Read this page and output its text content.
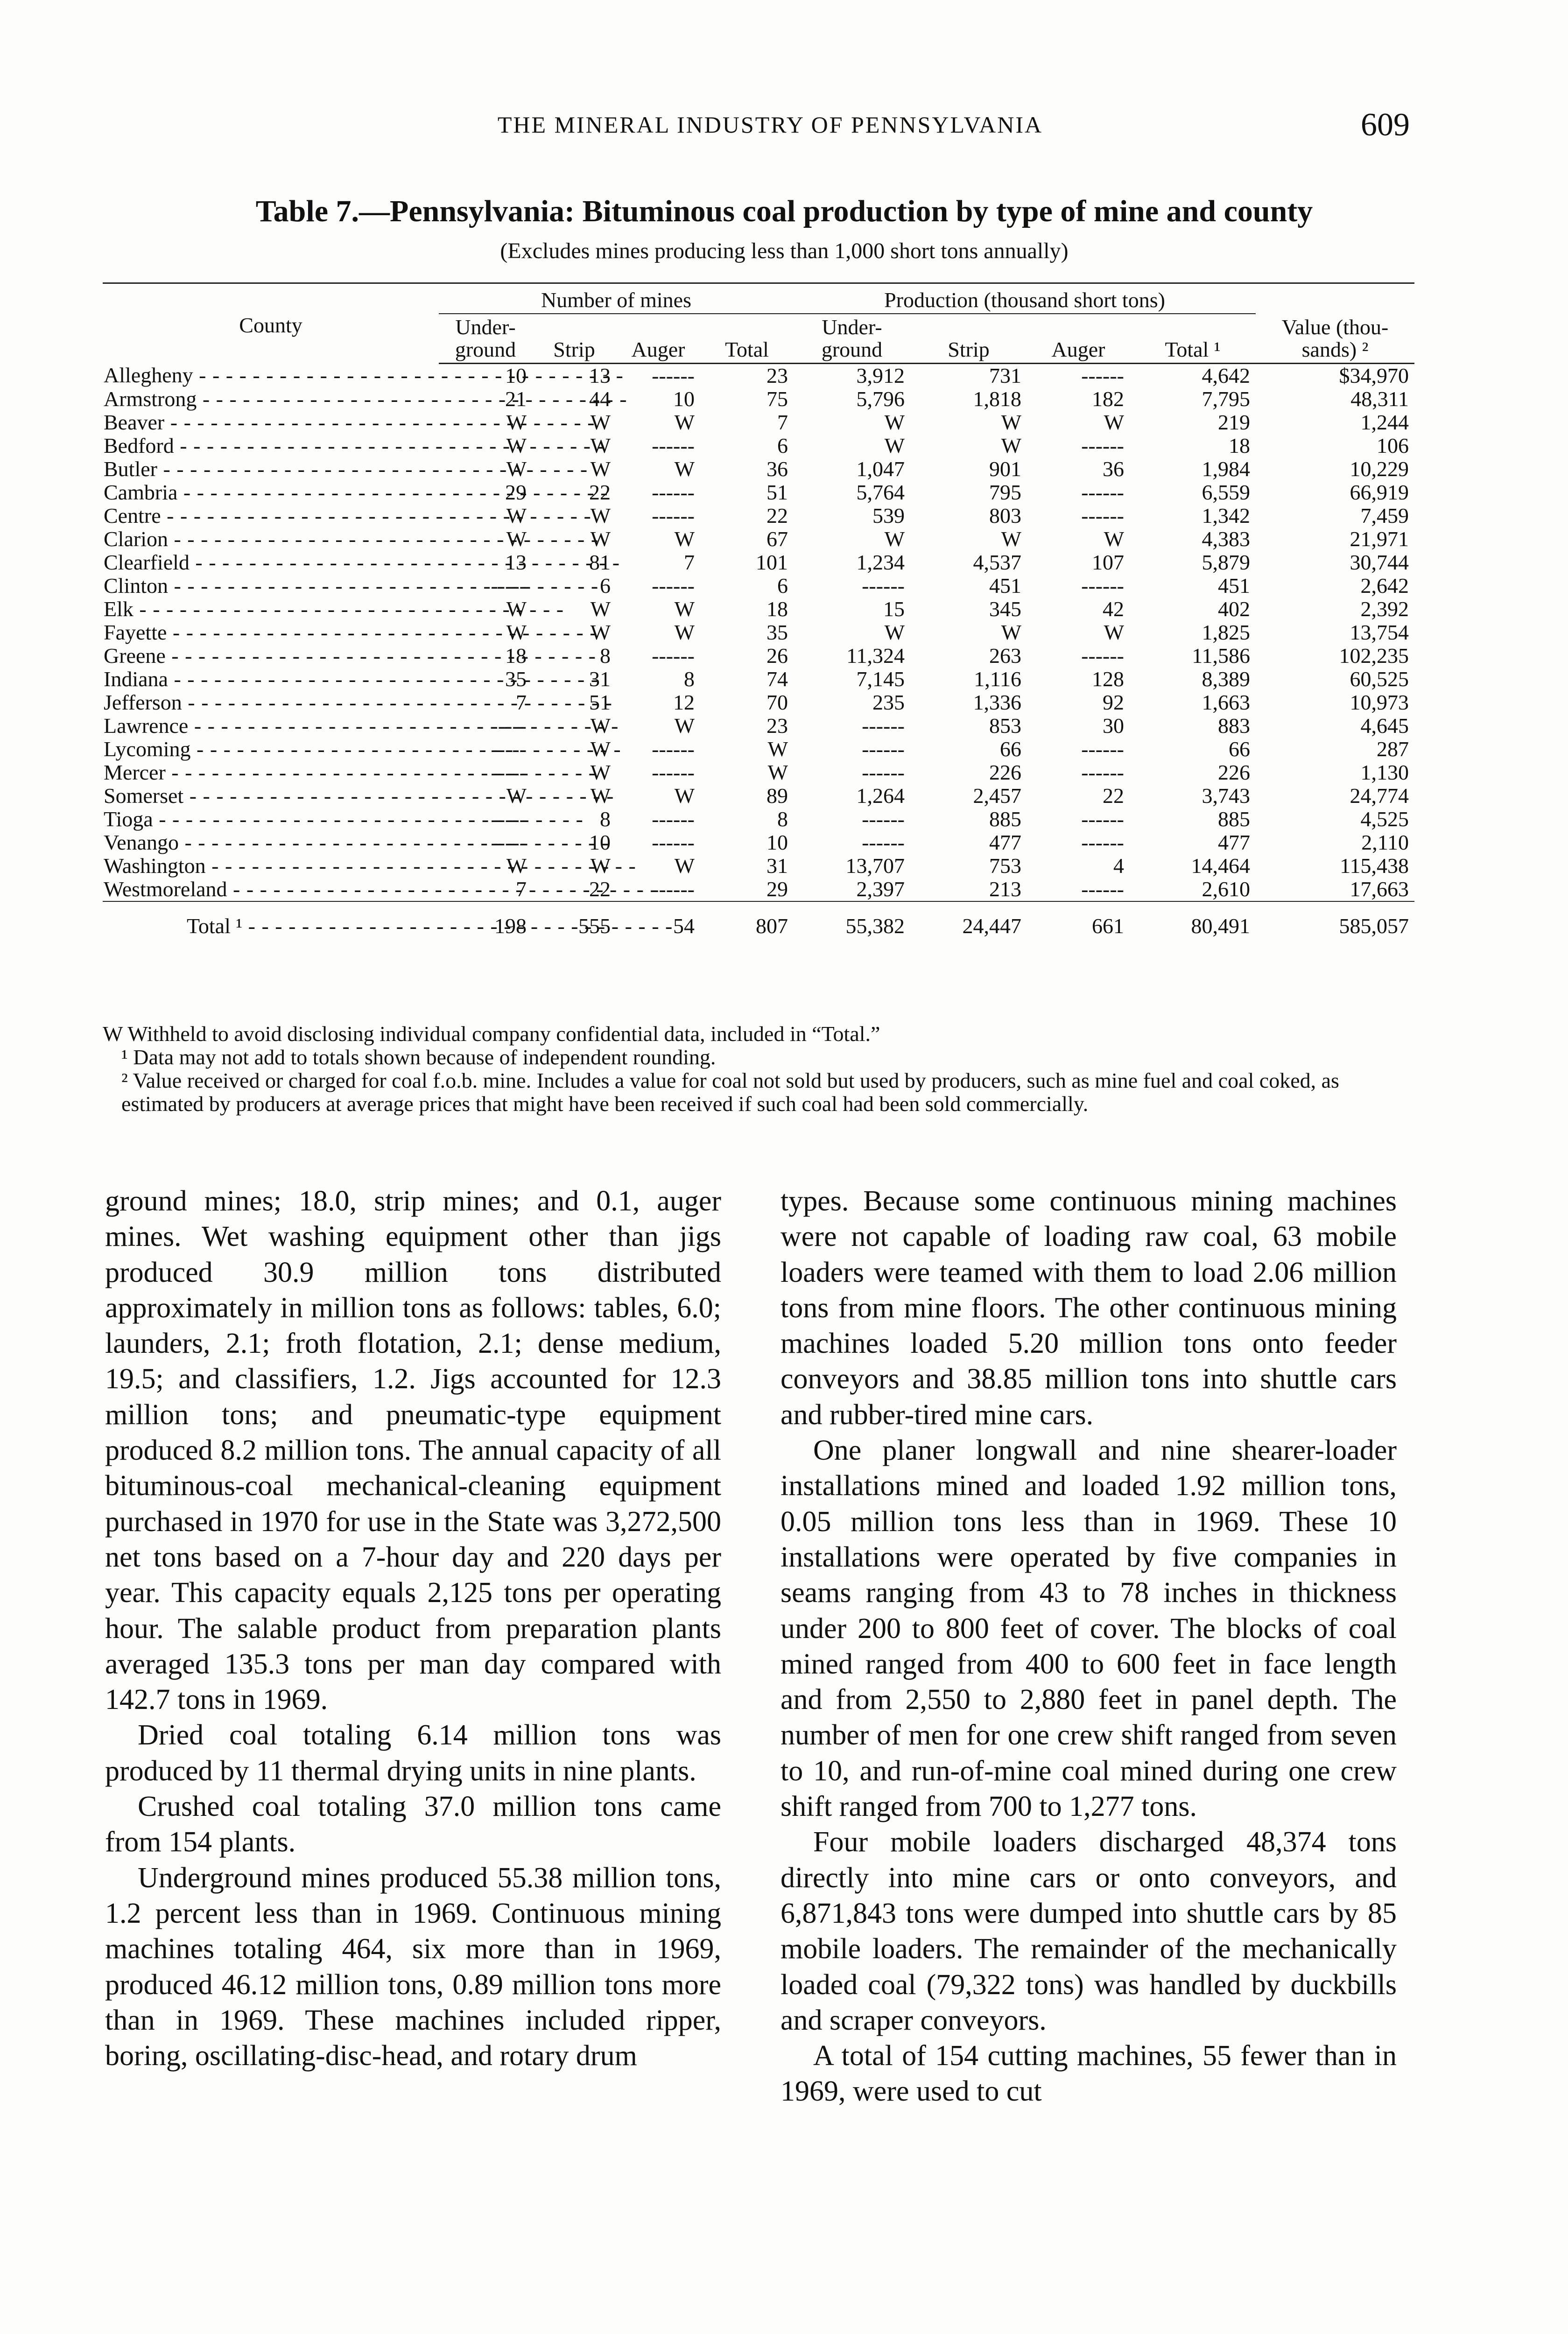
THE MINERAL INDUSTRY OF PENNSYLVANIA	609
Table 7.—Pennsylvania: Bituminous coal production by type of mine and county
(Excludes mines producing less than 1,000 short tons annually)
County	Number of mines				Production (thousand short tons)				Value (thou- sands) ²
	Under- ground	Strip	Auger	Total	Under- ground	Strip	Auger	Total ¹	
Allegheny - - -	10	13	------	23	3,912	731	------	4,642	$34,970
Armstrong - - -	21	44	10	75	5,796	1,818	182	7,795	48,311
Beaver - - -	W	W	W	7	W	W	W	219	1,244
Bedford - - -	W	W	------	6	W	W	------	18	106
Butler - - -	W	W	W	36	1,047	901	36	1,984	10,229
Cambria - - -	29	22	------	51	5,764	795	------	6,559	66,919
Centre - - -	W	W	------	22	539	803	------	1,342	7,459
Clarion - - -	W	W	W	67	W	W	W	4,383	21,971
Clearfield - - -	13	81	7	101	1,234	4,537	107	5,879	30,744
Clinton - - -	-----	6	------	6	------	451	------	451	2,642
Elk - - -	W	W	W	18	15	345	42	402	2,392
Fayette - - -	W	W	W	35	W	W	W	1,825	13,754
Greene - - -	18	8	------	26	11,324	263	------	11,586	102,235
Indiana - - -	35	31	8	74	7,145	1,116	128	8,389	60,525
Jefferson - - -	7	51	12	70	235	1,336	92	1,663	10,973
Lawrence - - -	-----	W	W	23	------	853	30	883	4,645
Lycoming - - -	-----	W	------	W	------	66	------	66	287
Mercer - - -	-----	W	------	W	------	226	------	226	1,130
Somerset - - -	W	W	W	89	1,264	2,457	22	3,743	24,774
Tioga - - -	-----	8	------	8	------	885	------	885	4,525
Venango - - -	-----	10	------	10	------	477	------	477	2,110
Washington - - -	W	W	W	31	13,707	753	4	14,464	115,438
Westmoreland - - -	7	22	------	29	2,397	213	------	2,610	17,663
Total ¹ - - -	198	555	54	807	55,382	24,447	661	80,491	585,057

W Withheld to avoid disclosing individual company confidential data, included in “Total.”

¹ Data may not add to totals shown because of independent rounding.

² Value received or charged for coal f.o.b. mine. Includes a value for coal not sold but used by producers, such as mine fuel and coal coked, as estimated by producers at average prices that might have been received if such coal had been sold commercially.

ground mines; 18.0, strip mines; and 0.1, auger mines. Wet washing equipment other than jigs produced 30.9 million tons distributed approximately in million tons as follows: tables, 6.0; launders, 2.1; froth flotation, 2.1; dense medium, 19.5; and classifiers, 1.2. Jigs accounted for 12.3 million tons; and pneumatic-type equipment produced 8.2 million tons. The annual capacity of all bituminous-coal mechanical-cleaning equipment purchased in 1970 for use in the State was 3,272,500 net tons based on a 7-hour day and 220 days per year. This capacity equals 2,125 tons per operating hour. The salable product from preparation plants averaged 135.3 tons per man day compared with 142.7 tons in 1969.

Dried coal totaling 6.14 million tons was produced by 11 thermal drying units in nine plants.

Crushed coal totaling 37.0 million tons came from 154 plants.

Underground mines produced 55.38 million tons, 1.2 percent less than in 1969. Continuous mining machines totaling 464, six more than in 1969, produced 46.12 million tons, 0.89 million tons more than in 1969. These machines included ripper, boring, oscillating-disc-head, and rotary drum

types. Because some continuous mining machines were not capable of loading raw coal, 63 mobile loaders were teamed with them to load 2.06 million tons from mine floors. The other continuous mining machines loaded 5.20 million tons onto feeder conveyors and 38.85 million tons into shuttle cars and rubber-tired mine cars.

One planer longwall and nine shearer-loader installations mined and loaded 1.92 million tons, 0.05 million tons less than in 1969. These 10 installations were operated by five companies in seams ranging from 43 to 78 inches in thickness under 200 to 800 feet of cover. The blocks of coal mined ranged from 400 to 600 feet in face length and from 2,550 to 2,880 feet in panel depth. The number of men for one crew shift ranged from seven to 10, and run-of-mine coal mined during one crew shift ranged from 700 to 1,277 tons.

Four mobile loaders discharged 48,374 tons directly into mine cars or onto conveyors, and 6,871,843 tons were dumped into shuttle cars by 85 mobile loaders. The remainder of the mechanically loaded coal (79,322 tons) was handled by duckbills and scraper conveyors.

A total of 154 cutting machines, 55 fewer than in 1969, were used to cut
